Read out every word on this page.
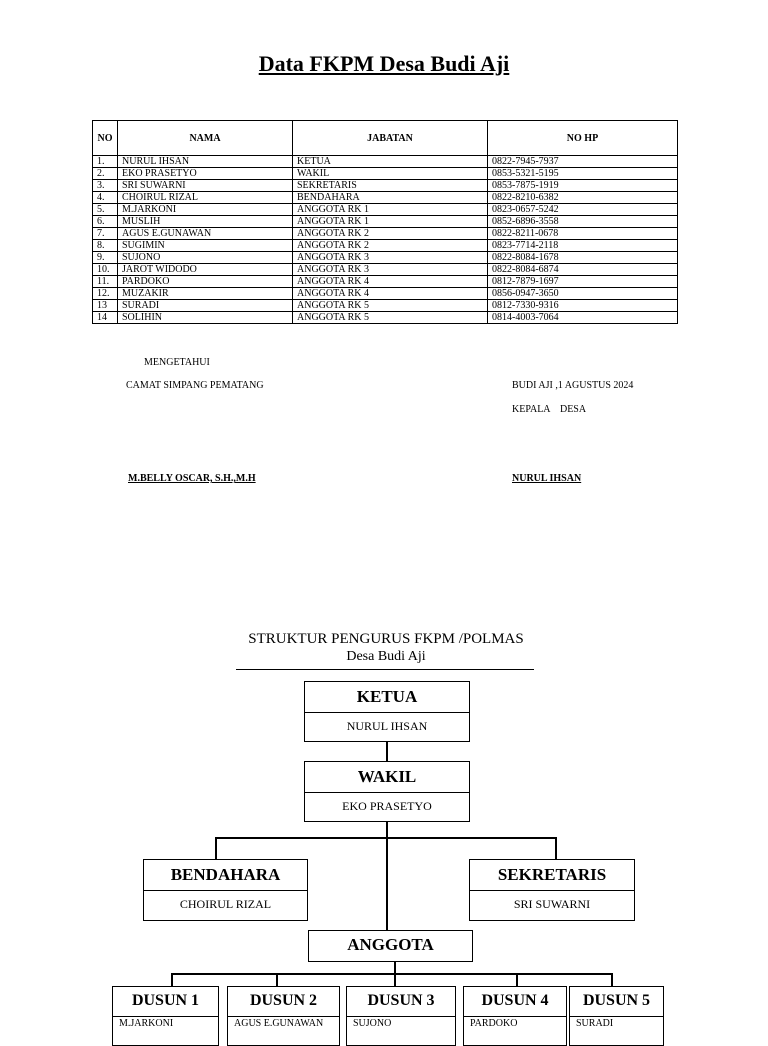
Data FKPM Desa Budi Aji
NO	NAMA	JABATAN	NO HP
1.	NURUL IHSAN	KETUA	0822-7945-7937
2.	EKO PRASETYO	WAKIL	0853-5321-5195
3.	SRI SUWARNI	SEKRETARIS	0853-7875-1919
4.	CHOIRUL RIZAL	BENDAHARA	0822-8210-6382
5.	M.JARKONI	ANGGOTA RK 1	0823-0657-5242
6.	MUSLIH	ANGGOTA RK 1	0852-6896-3558
7.	AGUS E.GUNAWAN	ANGGOTA RK 2	0822-8211-0678
8.	SUGIMIN	ANGGOTA RK 2	0823-7714-2118
9.	SUJONO	ANGGOTA RK 3	0822-8084-1678
10.	JAROT WIDODO	ANGGOTA RK 3	0822-8084-6874
11.	PARDOKO	ANGGOTA RK 4	0812-7879-1697
12.	MUZAKIR	ANGGOTA RK 4	0856-0947-3650
13	SURADI	ANGGOTA RK 5	0812-7330-9316
14	SOLIHIN	ANGGOTA RK 5	0814-4003-7064
MENGETAHUI
CAMAT SIMPANG PEMATANG	BUDI AJI ,1 AGUSTUS 2024
KEPALA    DESA
M.BELLY OSCAR, S.H.,M.H	NURUL IHSAN
STRUKTUR PENGURUS FKPM /POLMAS
Desa Budi Aji
KETUA
NURUL IHSAN
WAKIL
EKO PRASETYO
BENDAHARA
CHOIRUL RIZAL
SEKRETARIS
SRI SUWARNI
ANGGOTA
DUSUN 1
M.JARKONI
DUSUN 2
AGUS E.GUNAWAN
DUSUN 3
SUJONO
DUSUN 4
PARDOKO
DUSUN 5
SURADI
